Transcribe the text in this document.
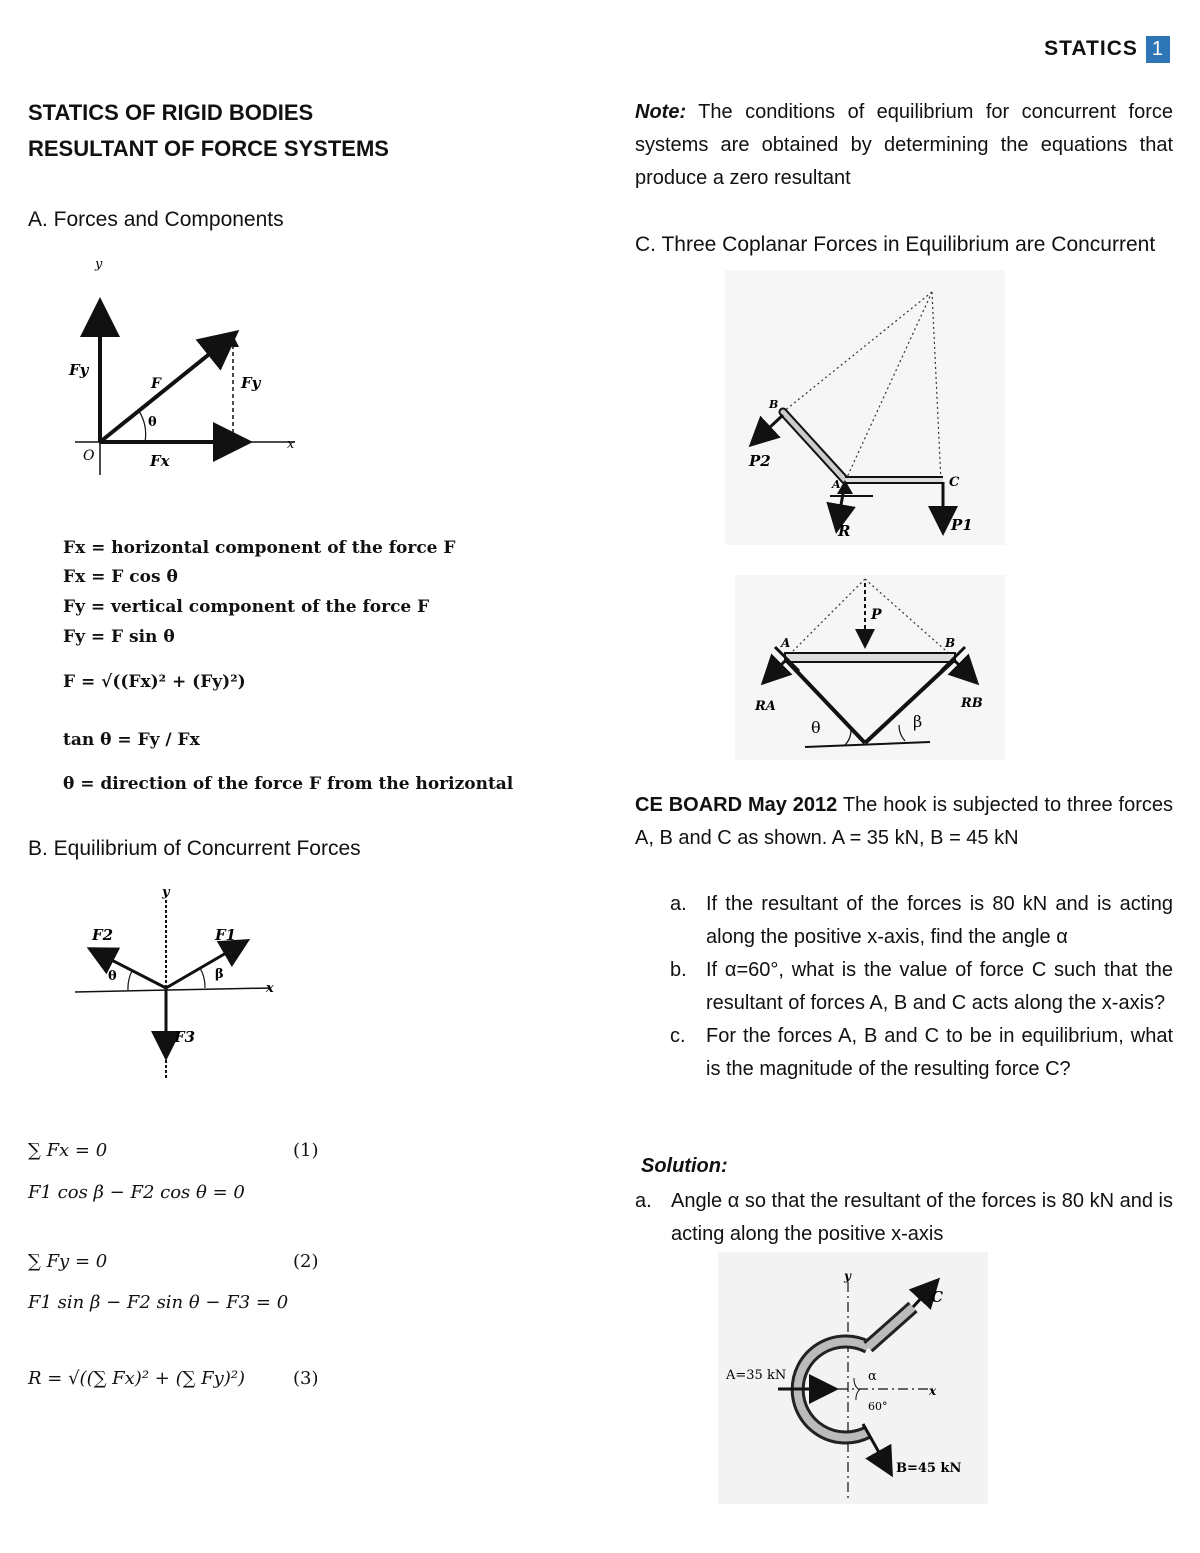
STATICS 1
STATICS OF RIGID BODIES
RESULTANT OF FORCE SYSTEMS
A. Forces and Components
y
x
O
Fy
F
θ
Fy
Fx
Fx = horizontal component of the force F
Fx = F cos θ
Fy = vertical component of the force F
Fy = F sin θ
F = √((Fx)² + (Fy)²)
tan θ = Fy / Fx
θ = direction of the force F from the horizontal
B. Equilibrium of Concurrent Forces
y
x
F1
F2
F3
θ	β
∑ Fx = 0	(1)
F1 cos β − F2 cos θ = 0
∑ Fy = 0	(2)
F1 sin β − F2 sin θ − F3 = 0
R = √((∑ Fx)² + (∑ Fy)²)	(3)
Note: The conditions of equilibrium for concurrent force systems are obtained by determining the equations that produce a zero resultant
C. Three Coplanar Forces in Equilibrium are Concurrent
B
P2
A
R
C
P1
P
A	B
RA	RB
θ	β
CE BOARD May 2012 The hook is subjected to three forces A, B and C as shown. A = 35 kN, B = 45 kN
a. If the resultant of the forces is 80 kN and is acting along the positive x-axis, find the angle α
b. If α=60°, what is the value of force C such that the resultant of forces A, B and C acts along the x-axis?
c.	For the forces A, B and C to be in equilibrium, what is the magnitude of the resulting force C?
Solution:
a. Angle α so that the resultant of the forces is 80 kN and is acting along the positive x-axis
y
x
C
A=35 kN
B=45 kN
α
60°
